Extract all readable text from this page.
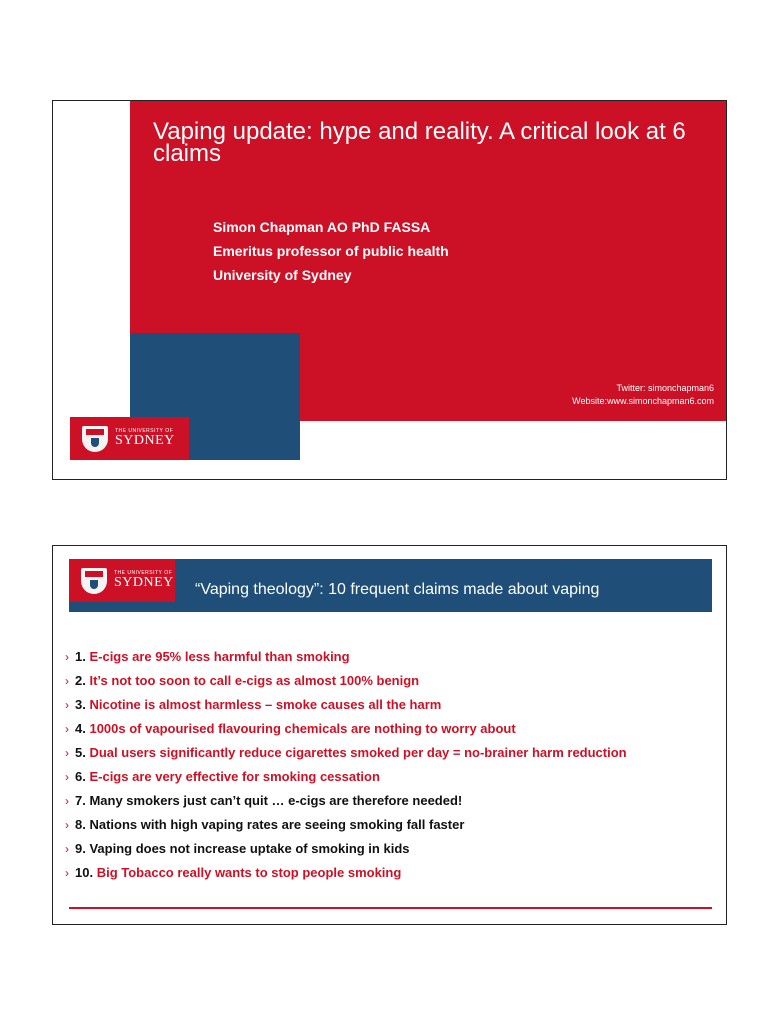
Vaping update: hype and reality. A critical look at 6 claims
Simon Chapman AO PhD FASSA
Emeritus professor of public health
University of Sydney
Twitter: simonchapman6
Website:www.simonchapman6.com
THE UNIVERSITY OF
SYDNEY
THE UNIVERSITY OF
SYDNEY “Vaping theology”: 10 frequent claims made about vaping
› 1. E-cigs are 95% less harmful than smoking
› 2. It’s not too soon to call e-cigs as almost 100% benign
› 3. Nicotine is almost harmless – smoke causes all the harm
› 4. 1000s of vapourised flavouring chemicals are nothing to worry about
› 5. Dual users significantly reduce cigarettes smoked per day = no-brainer harm reduction
› 6. E-cigs are very effective for smoking cessation
› 7. Many smokers just can’t quit … e-cigs are therefore needed!
› 8. Nations with high vaping rates are seeing smoking fall faster
› 9. Vaping does not increase uptake of smoking in kids
› 10. Big Tobacco really wants to stop people smoking
